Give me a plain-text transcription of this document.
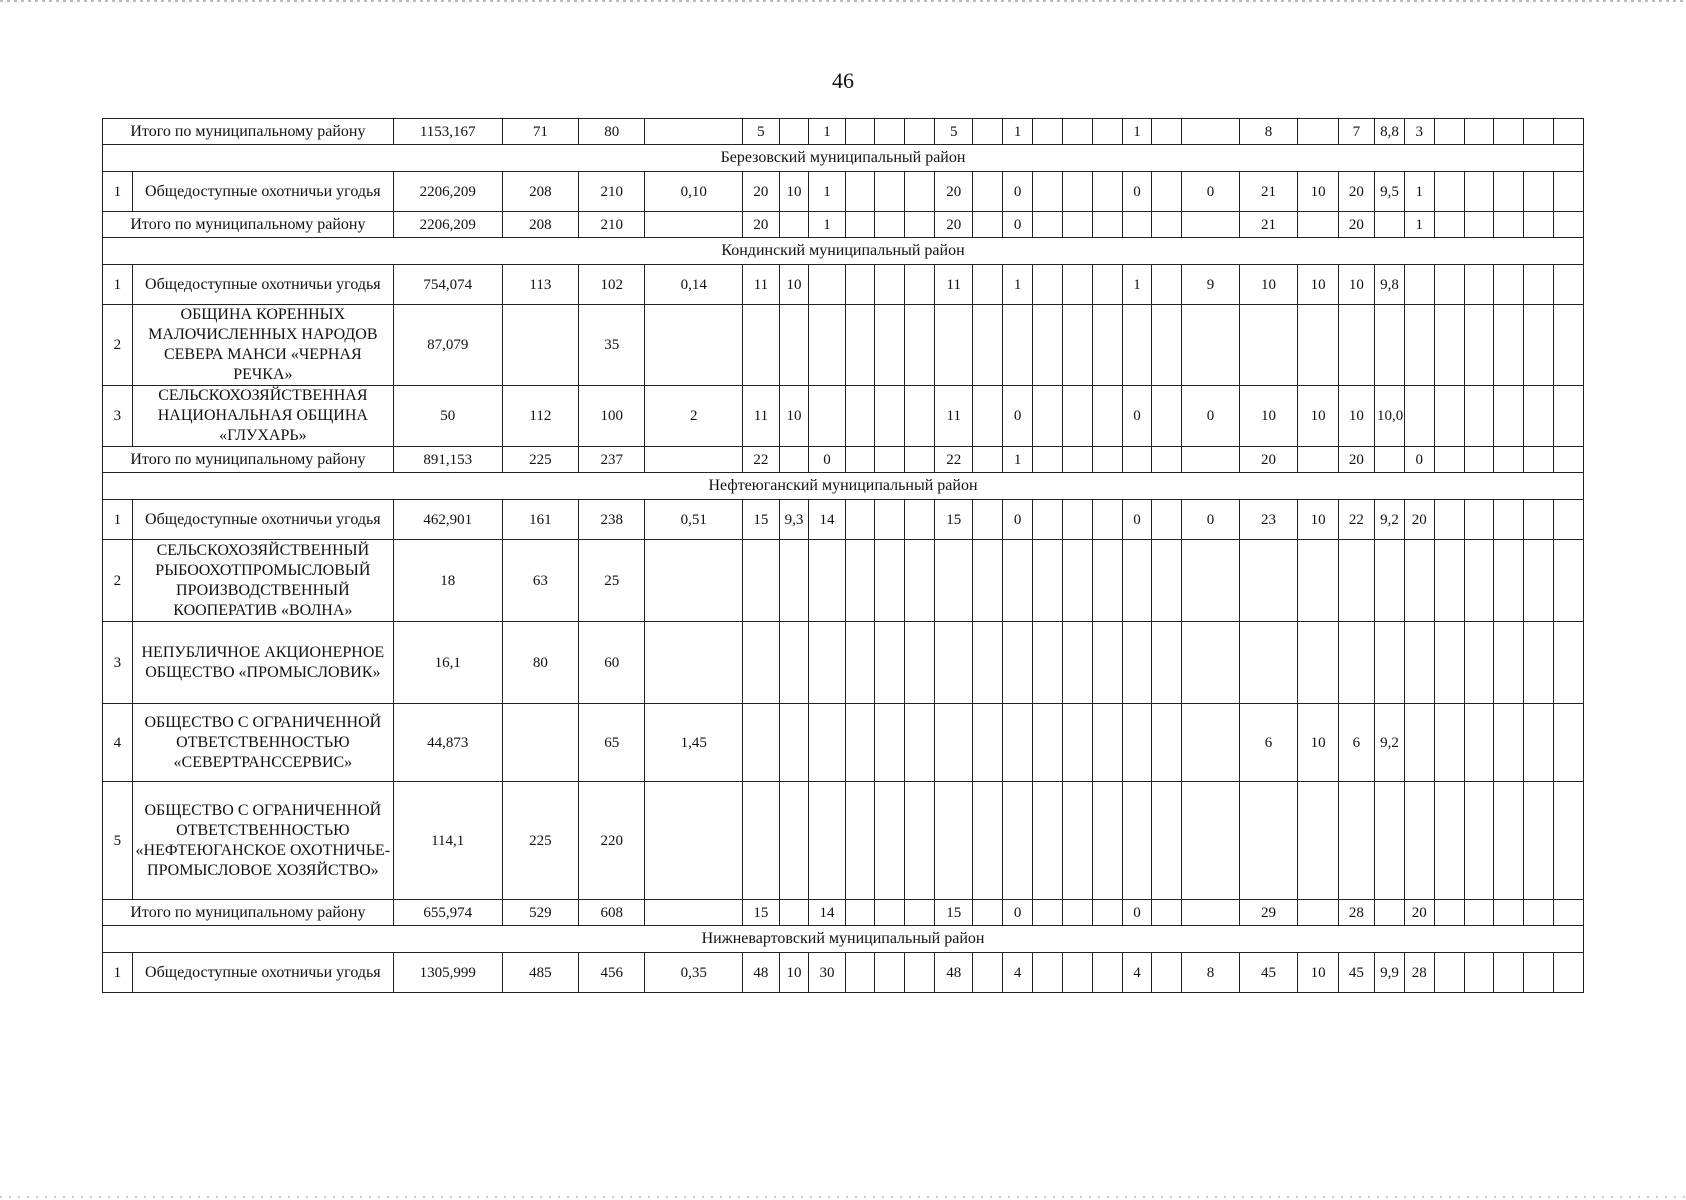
46
Итого по муниципальному району		1153,167	71	80		5		1				5		1				1			8		7	8,8	3					
Березовский муниципальный район																														
1	Общедоступные охотничьи угодья	2206,209	208	210	0,10	20	10	1				20		0				0		0	21	10	20	9,5	1					
Итого по муниципальному району		2206,209	208	210		20		1				20		0							21		20		1					
Кондинский муниципальный район																														
1	Общедоступные охотничьи угодья	754,074	113	102	0,14	11	10					11		1				1		9	10	10	10	9,8						
2	ОБЩИНА КОРЕННЫХ МАЛОЧИСЛЕННЫХ НАРОДОВ СЕВЕРА МАНСИ «ЧЕРНАЯ РЕЧКА»	87,079		35																										
3	СЕЛЬСКОХОЗЯЙСТВЕННАЯ НАЦИОНАЛЬНАЯ ОБЩИНА «ГЛУХАРЬ»	50	112	100	2	11	10					11		0				0		0	10	10	10	10,0						
Итого по муниципальному району		891,153	225	237		22		0				22		1							20		20		0					
Нефтеюганский муниципальный район																														
1	Общедоступные охотничьи угодья	462,901	161	238	0,51	15	9,3	14				15		0				0		0	23	10	22	9,2	20					
2	СЕЛЬСКОХОЗЯЙСТВЕННЫЙ РЫБООХОТПРОМЫСЛОВЫЙ ПРОИЗВОДСТВЕННЫЙ КООПЕРАТИВ «ВОЛНА»	18	63	25																										
3	НЕПУБЛИЧНОЕ АКЦИОНЕРНОЕ ОБЩЕСТВО «ПРОМЫСЛОВИК»	16,1	80	60																										
4	ОБЩЕСТВО С ОГРАНИЧЕННОЙ ОТВЕТСТВЕННОСТЬЮ «СЕВЕРТРАНССЕРВИС»	44,873		65	1,45																6	10	6	9,2						
5	ОБЩЕСТВО С ОГРАНИЧЕННОЙ ОТВЕТСТВЕННОСТЬЮ «НЕФТЕЮГАНСКОЕ ОХОТНИЧЬЕ-ПРОМЫСЛОВОЕ ХОЗЯЙСТВО»	114,1	225	220																										
Итого по муниципальному району		655,974	529	608		15		14				15		0				0			29		28		20					
Нижневартовский муниципальный район																														
1	Общедоступные охотничьи угодья	1305,999	485	456	0,35	48	10	30				48		4				4		8	45	10	45	9,9	28					
